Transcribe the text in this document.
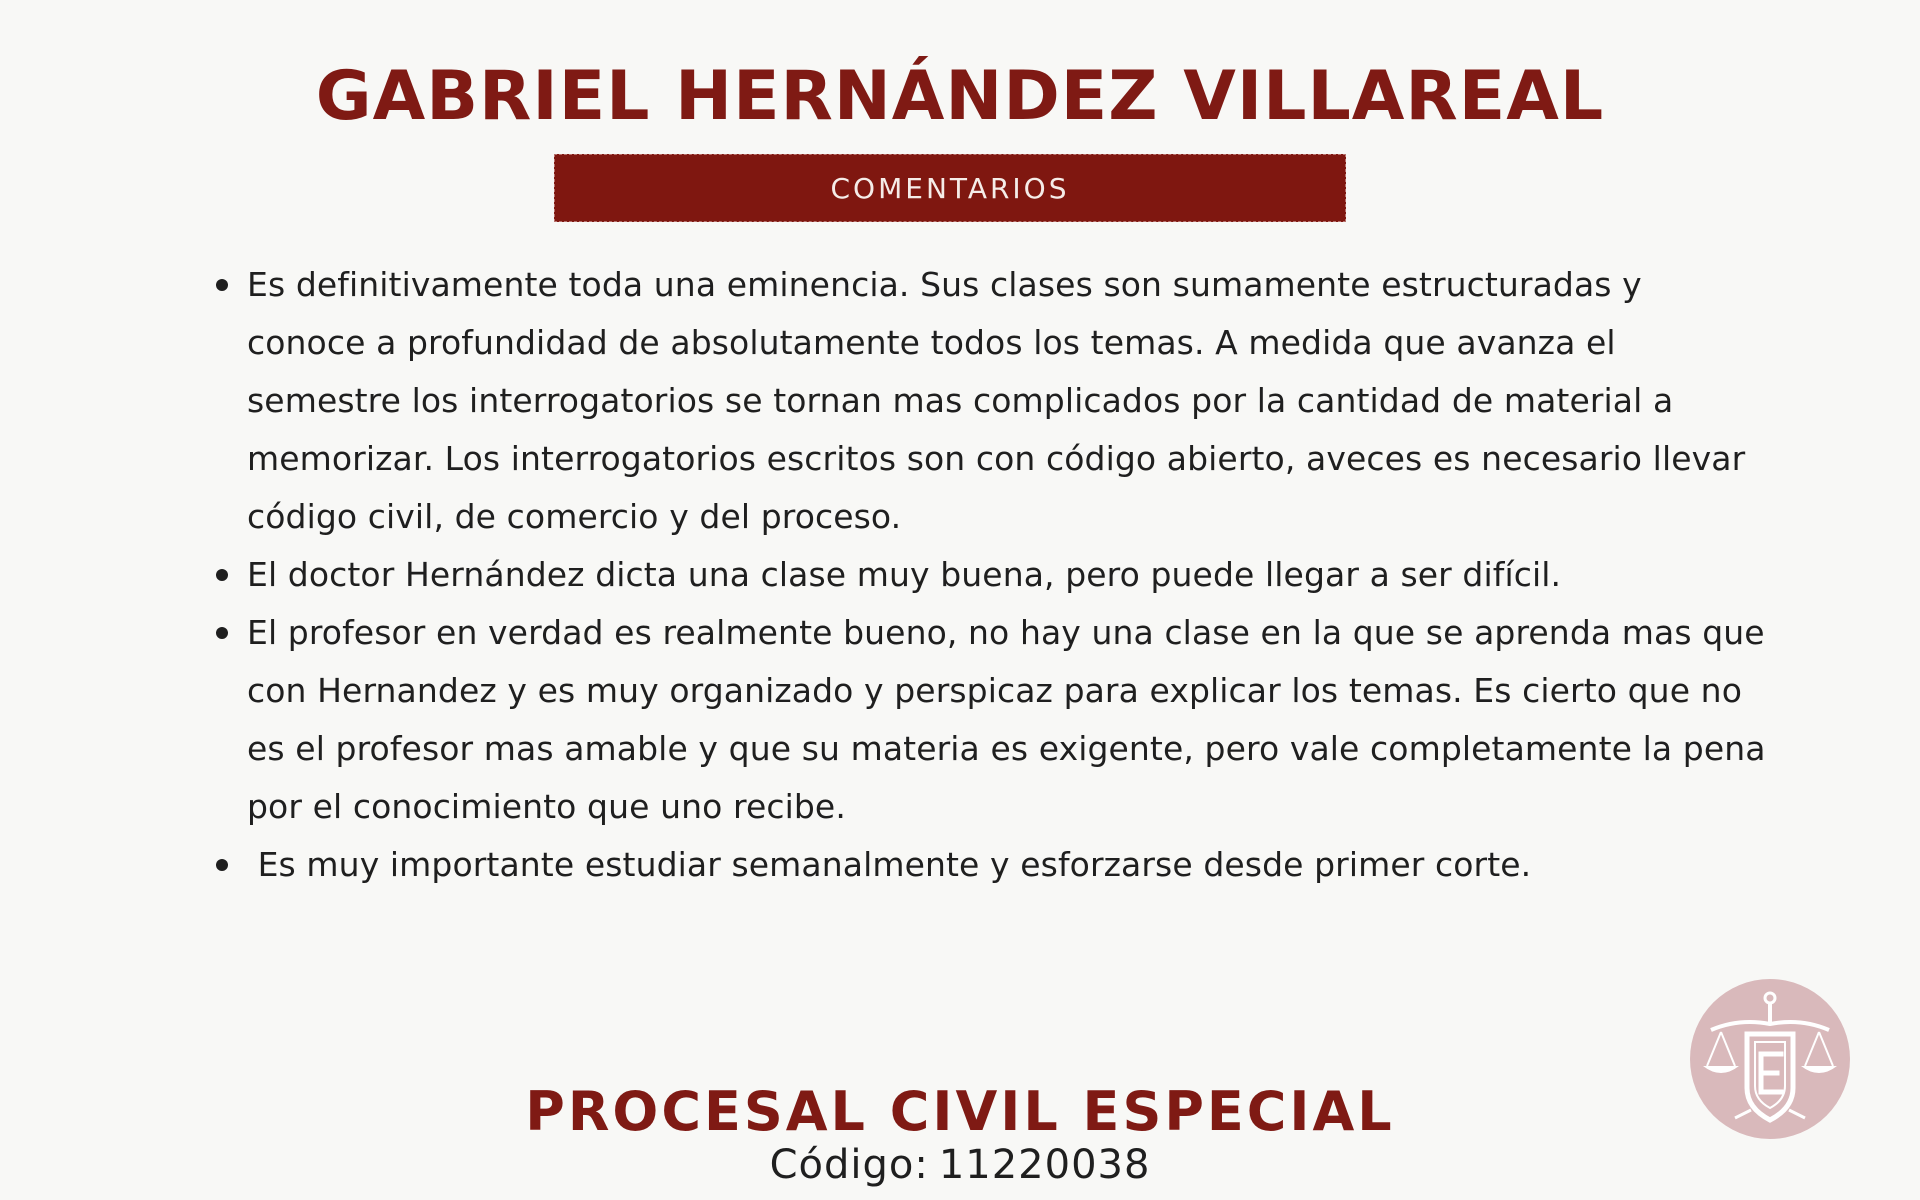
GABRIEL HERNÁNDEZ VILLAREAL
COMENTARIOS
Es definitivamente toda una eminencia. Sus clases son sumamente estructuradas y conoce a profundidad de absolutamente todos los temas. A medida que avanza el semestre los interrogatorios se tornan mas complicados por la cantidad de material a memorizar. Los interrogatorios escritos son con código abierto, aveces es necesario llevar código civil, de comercio y del proceso.
El doctor Hernández dicta una clase muy buena, pero puede llegar a ser difícil.
El profesor en verdad es realmente bueno, no hay una clase en la que se aprenda mas que con Hernandez y es muy organizado y perspicaz para explicar los temas. Es cierto que no es el profesor mas amable y que su materia es exigente, pero vale completamente la pena por el conocimiento que uno recibe.
Es muy importante estudiar semanalmente y esforzarse desde primer corte.
PROCESAL CIVIL ESPECIAL
Código: 11220038
